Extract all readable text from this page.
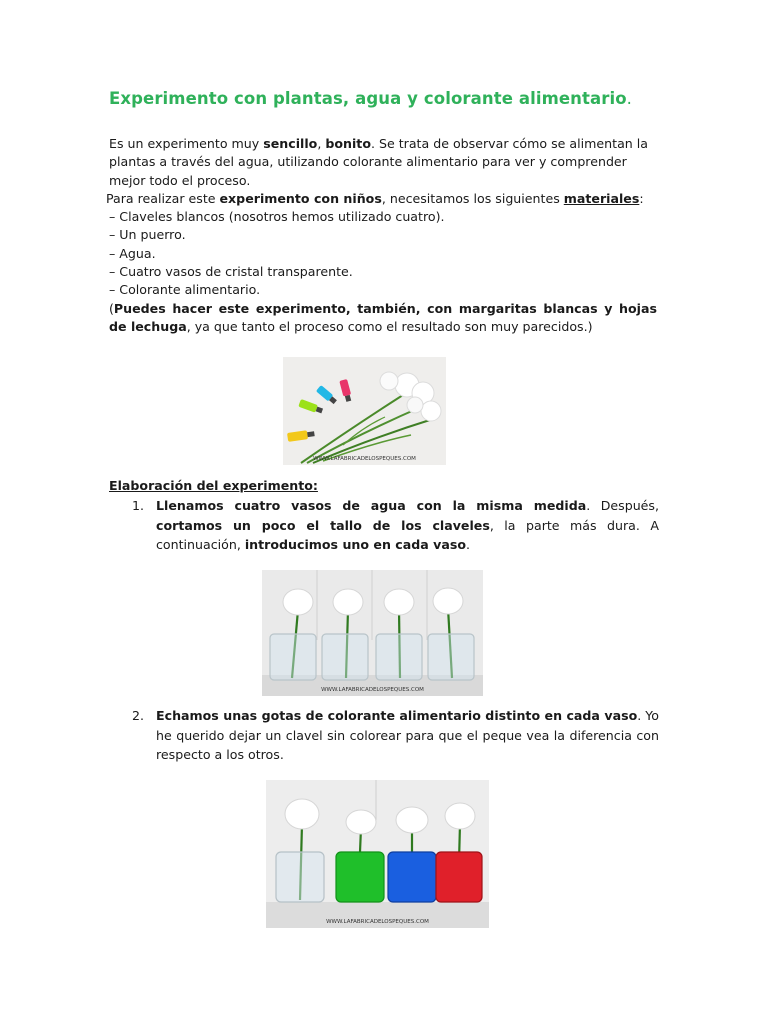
Experimento con plantas, agua y colorante alimentario.

Es un experimento muy sencillo, bonito. Se trata de observar cómo se alimentan la

plantas a través del agua, utilizando colorante alimentario para ver y comprender

mejor todo el proceso.

Para realizar este experimento con niños, necesitamos los siguientes materiales:

– Claveles blancos (nosotros hemos utilizado cuatro).
– Un puerro.
– Agua.
– Cuatro vasos de cristal transparente.
– Colorante alimentario.

(Puedes hacer este experimento, también, con margaritas blancas y hojas de lechuga, ya que tanto el proceso como el resultado son muy parecidos.)

WWW.LAFABRICADELOSPEQUES.COM
Elaboración del experimento:
1. Llenamos cuatro vasos de agua con la misma medida. Después, cortamos un poco el tallo de los claveles, la parte más dura. A continuación, introducimos uno en cada vaso.
WWW.LAFABRICADELOSPEQUES.COM
2. Echamos unas gotas de colorante alimentario distinto en cada vaso. Yo he querido dejar un clavel sin colorear para que el peque vea la diferencia con respecto a los otros.
WWW.LAFABRICADELOSPEQUES.COM
